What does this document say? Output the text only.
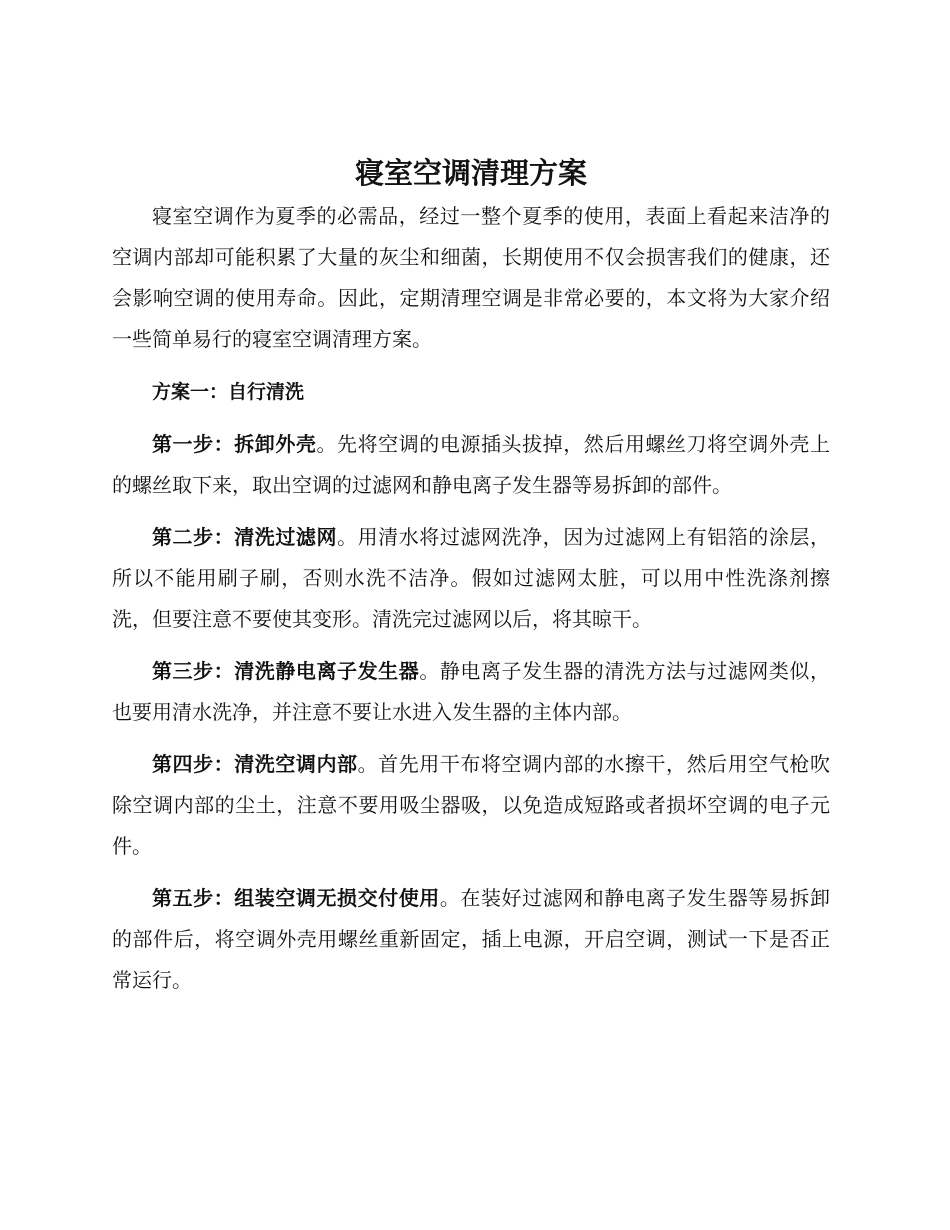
寝室空调清理方案

寝室空调作为夏季的必需品，经过一整个夏季的使用，表面上看起来洁净的空调内部却可能积累了大量的灰尘和细菌，长期使用不仅会损害我们的健康，还会影响空调的使用寿命。因此，定期清理空调是非常必要的，本文将为大家介绍一些简单易行的寝室空调清理方案。

方案一：自行清洗

第一步：拆卸外壳。先将空调的电源插头拔掉，然后用螺丝刀将空调外壳上的螺丝取下来，取出空调的过滤网和静电离子发生器等易拆卸的部件。

第二步：清洗过滤网。用清水将过滤网洗净，因为过滤网上有铝箔的涂层，所以不能用刷子刷，否则水洗不洁净。假如过滤网太脏，可以用中性洗涤剂擦洗，但要注意不要使其变形。清洗完过滤网以后，将其晾干。

第三步：清洗静电离子发生器。静电离子发生器的清洗方法与过滤网类似，也要用清水洗净，并注意不要让水进入发生器的主体内部。

第四步：清洗空调内部。首先用干布将空调内部的水擦干，然后用空气枪吹除空调内部的尘土，注意不要用吸尘器吸，以免造成短路或者损坏空调的电子元件。

第五步：组装空调无损交付使用。在装好过滤网和静电离子发生器等易拆卸的部件后，将空调外壳用螺丝重新固定，插上电源，开启空调，测试一下是否正常运行。
